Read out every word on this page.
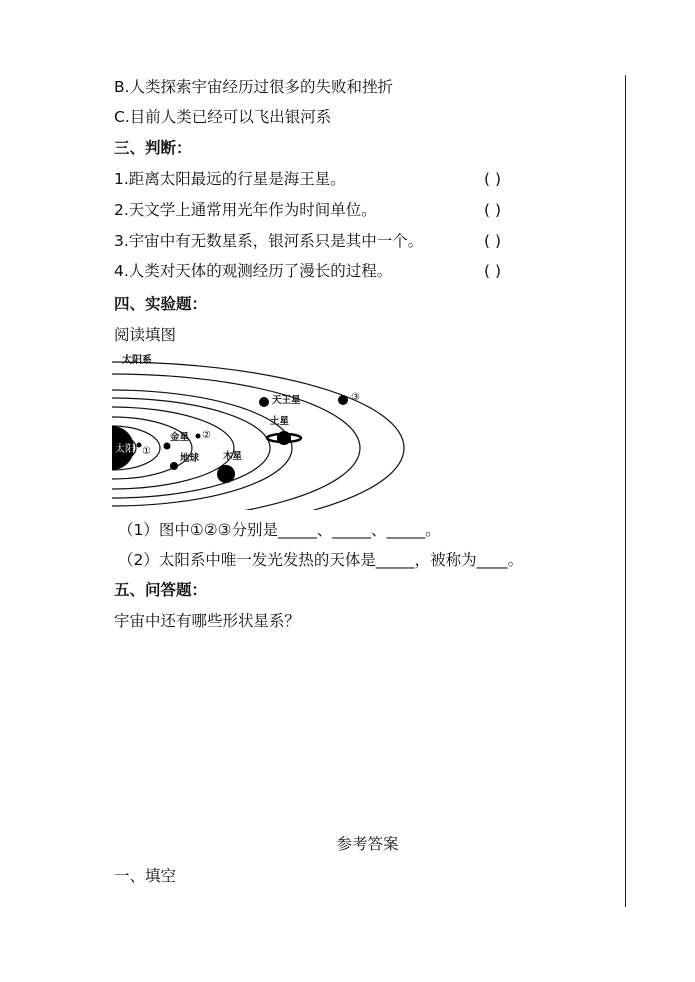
B.人类探索宇宙经历过很多的失败和挫折
C.目前人类已经可以飞出银河系
三、判断：
1.距离太阳最远的行星是海王星。	( )
2.天文学上通常用光年作为时间单位。	( )
3.宇宙中有无数星系，银河系只是其中一个。	( )
4.人类对天体的观测经历了漫长的过程。	( )
四、实验题：
阅读填图
太阳系
太阳 ①
金星 ②
地球	木星
土星
天王星	③
（1）图中①②③分别是_____、_____、_____。
（2）太阳系中唯一发光发热的天体是_____，被称为____。
五、问答题：
宇宙中还有哪些形状星系？
参考答案
一、填空
